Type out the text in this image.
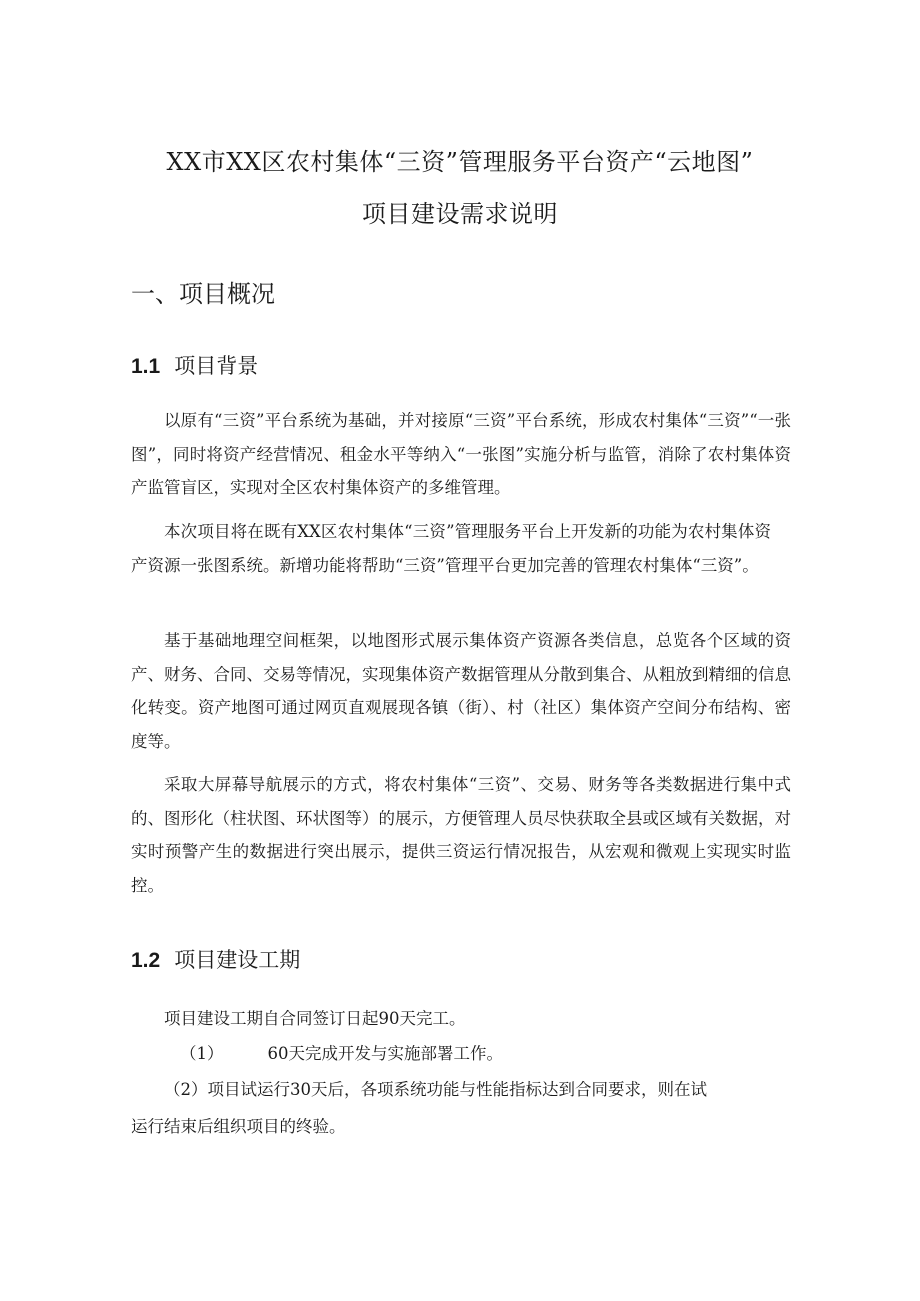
XX市XX区农村集体“三资”管理服务平台资产“云地图”
项目建设需求说明
一、项目概况
1.1 项目背景

以原有“三资”平台系统为基础，并对接原“三资”平台系统，形成农村集体“三资”“一张图”，同时将资产经营情况、租金水平等纳入“一张图”实施分析与监管，消除了农村集体资产监管盲区，实现对全区农村集体资产的多维管理。

本次项目将在既有XX区农村集体“三资”管理服务平台上开发新的功能为农村集体资产资源一张图系统。新增功能将帮助“三资”管理平台更加完善的管理农村集体“三资”。

基于基础地理空间框架，以地图形式展示集体资产资源各类信息，总览各个区域的资产、财务、合同、交易等情况，实现集体资产数据管理从分散到集合、从粗放到精细的信息化转变。资产地图可通过网页直观展现各镇（街）、村（社区）集体资产空间分布结构、密度等。

采取大屏幕导航展示的方式，将农村集体“三资”、交易、财务等各类数据进行集中式的、图形化（柱状图、环状图等）的展示，方便管理人员尽快获取全县或区域有关数据，对实时预警产生的数据进行突出展示，提供三资运行情况报告，从宏观和微观上实现实时监控。

1.2 项目建设工期
项目建设工期自合同签订日起90天完工。
（1）	60天完成开发与实施部署工作。
（2）项目试运行30天后，各项系统功能与性能指标达到合同要求，则在试
运行结束后组织项目的终验。
